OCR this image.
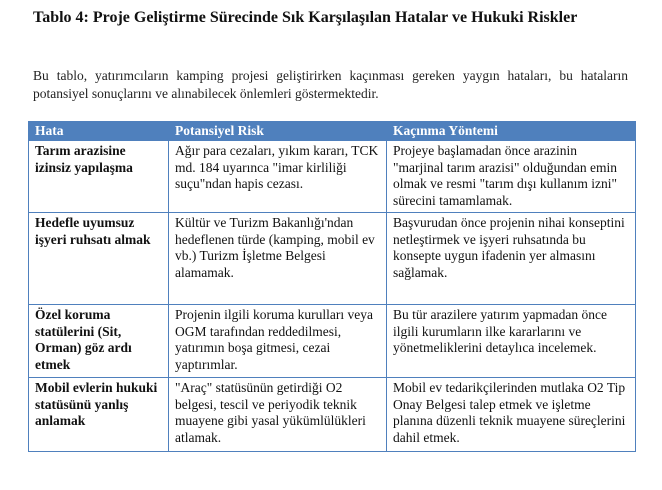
Tablo 4: Proje Geliştirme Sürecinde Sık Karşılaşılan Hatalar ve Hukuki Riskler
Bu tablo, yatırımcıların kamping projesi geliştirirken kaçınması gereken yaygın hataları, bu hataların potansiyel sonuçlarını ve alınabilecek önlemleri göstermektedir.
Hata	Potansiyel Risk	Kaçınma Yöntemi
Tarım arazisine izinsiz yapılaşma	Ağır para cezaları, yıkım kararı, TCK md. 184 uyarınca "imar kirliliği suçu"ndan hapis cezası.	Projeye başlamadan önce arazinin "marjinal tarım arazisi" olduğundan emin olmak ve resmi "tarım dışı kullanım izni" sürecini tamamlamak.
Hedefle uyumsuz işyeri ruhsatı almak	Kültür ve Turizm Bakanlığı'ndan hedeflenen türde (kamping, mobil ev vb.) Turizm İşletme Belgesi alamamak.	Başvurudan önce projenin nihai konseptini netleştirmek ve işyeri ruhsatında bu konsepte uygun ifadenin yer almasını sağlamak.
Özel koruma statülerini (Sit, Orman) göz ardı etmek	Projenin ilgili koruma kurulları veya OGM tarafından reddedilmesi, yatırımın boşa gitmesi, cezai yaptırımlar.	Bu tür arazilere yatırım yapmadan önce ilgili kurumların ilke kararlarını ve yönetmeliklerini detaylıca incelemek.
Mobil evlerin hukuki statüsünü yanlış anlamak	"Araç" statüsünün getirdiği O2 belgesi, tescil ve periyodik teknik muayene gibi yasal yükümlülükleri atlamak.	Mobil ev tedarikçilerinden mutlaka O2 Tip Onay Belgesi talep etmek ve işletme planına düzenli teknik muayene süreçlerini dahil etmek.
